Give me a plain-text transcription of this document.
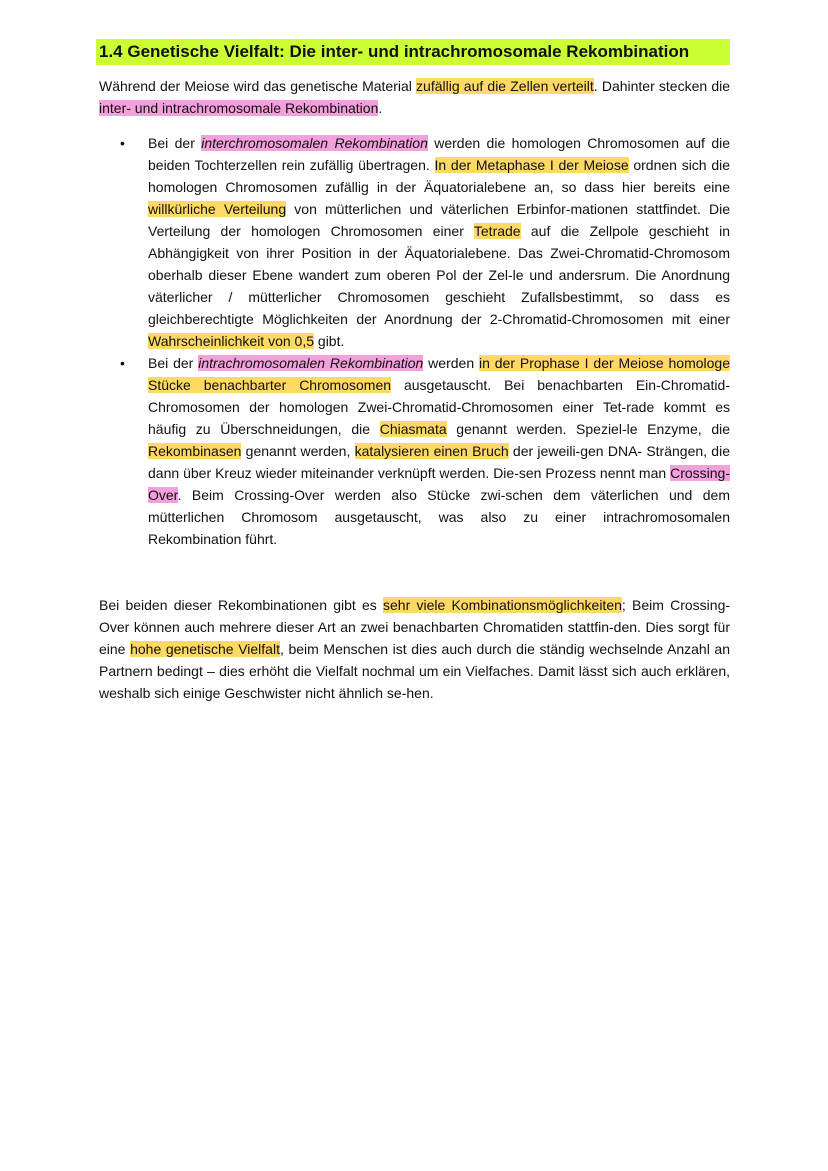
1.4 Genetische Vielfalt: Die inter- und intrachromosomale Rekombination

Während der Meiose wird das genetische Material zufällig auf die Zellen verteilt. Dahinter stecken die inter- und intrachromosomale Rekombination.

• Bei der interchromosomalen Rekombination werden die homologen Chromosomen auf die beiden Tochterzellen rein zufällig übertragen. In der Metaphase I der Meiose ordnen sich die homologen Chromosomen zufällig in der Äquatorialebene an, so dass hier bereits eine willkürliche Verteilung von mütterlichen und väterlichen Erbinfor-mationen stattfindet. Die Verteilung der homologen Chromosomen einer Tetrade auf die Zellpole geschieht in Abhängigkeit von ihrer Position in der Äquatorialebene. Das Zwei-Chromatid-Chromosom oberhalb dieser Ebene wandert zum oberen Pol der Zel-le und andersrum. Die Anordnung väterlicher / mütterlicher Chromosomen geschieht Zufallsbestimmt, so dass es gleichberechtigte Möglichkeiten der Anordnung der 2-Chromatid-Chromosomen mit einer Wahrscheinlichkeit von 0,5 gibt.
• Bei der intrachromosomalen Rekombination werden in der Prophase I der Meiose homologe Stücke benachbarter Chromosomen ausgetauscht. Bei benachbarten Ein-Chromatid-Chromosomen der homologen Zwei-Chromatid-Chromosomen einer Tet-rade kommt es häufig zu Überschneidungen, die Chiasmata genannt werden. Speziel-le Enzyme, die Rekombinasen genannt werden, katalysieren einen Bruch der jeweili-gen DNA- Strängen, die dann über Kreuz wieder miteinander verknüpft werden. Die-sen Prozess nennt man Crossing-Over. Beim Crossing-Over werden also Stücke zwi-schen dem väterlichen und dem mütterlichen Chromosom ausgetauscht, was also zu einer intrachromosomalen Rekombination führt.

Bei beiden dieser Rekombinationen gibt es sehr viele Kombinationsmöglichkeiten; Beim Crossing-Over können auch mehrere dieser Art an zwei benachbarten Chromatiden stattfin-den. Dies sorgt für eine hohe genetische Vielfalt, beim Menschen ist dies auch durch die ständig wechselnde Anzahl an Partnern bedingt – dies erhöht die Vielfalt nochmal um ein Vielfaches. Damit lässt sich auch erklären, weshalb sich einige Geschwister nicht ähnlich se-hen.
